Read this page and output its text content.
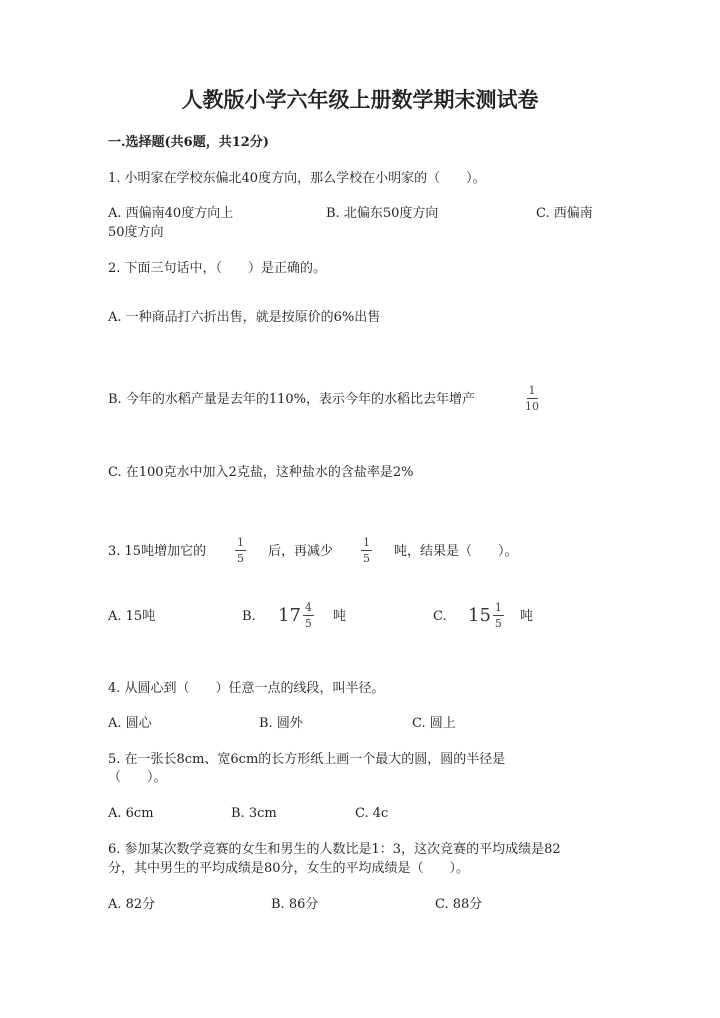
人教版小学六年级上册数学期末测试卷
一.选择题(共6题，共12分)
1. 小明家在学校东偏北40度方向，那么学校在小明家的（　　）。
A. 西偏南40度方向上	B. 北偏东50度方向	C. 西偏南
50度方向
2. 下面三句话中，（　　）是正确的。
A. 一种商品打六折出售，就是按原价的6%出售
B. 今年的水稻产量是去年的110%，表示今年的水稻比去年增产	$\frac{1}{10}$
C. 在100克水中加入2克盐，这种盐水的含盐率是2%
3. 15吨增加它的	$\frac{1}{5}$ 后，再减少	$\frac{1}{5}$ 吨，结果是（　　）。
A. 15吨	B. $17 \frac{4}{5}$ 吨	C. $15 \frac{1}{5}$ 吨
4. 从圆心到（　　）任意一点的线段，叫半径。
A. 圆心	B. 圆外	C. 圆上
5. 在一张长8cm、宽6cm的长方形纸上画一个最大的圆，圆的半径是
（　　）。
A. 6cm	B. 3cm	C. 4c
6. 参加某次数学竞赛的女生和男生的人数比是1：3，这次竞赛的平均成绩是82
分，其中男生的平均成绩是80分，女生的平均成绩是（　　）。
A. 82分	B. 86分	C. 88分
